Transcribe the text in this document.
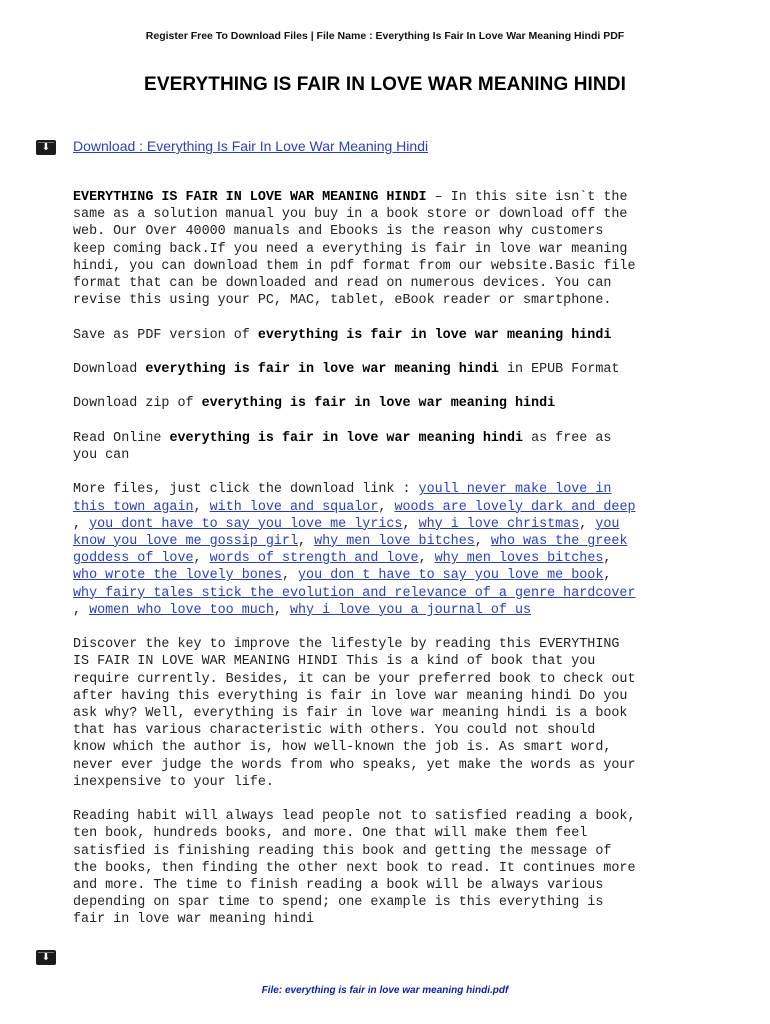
Register Free To Download Files | File Name : Everything Is Fair In Love War Meaning Hindi PDF
EVERYTHING IS FAIR IN LOVE WAR MEANING HINDI
⬇	Download : Everything Is Fair In Love War Meaning Hindi

EVERYTHING IS FAIR IN LOVE WAR MEANING HINDI – In this site isn`t the
same as a solution manual you buy in a book store or download off the
web. Our Over 40000 manuals and Ebooks is the reason why customers
keep coming back.If you need a everything is fair in love war meaning
hindi, you can download them in pdf format from our website.Basic file
format that can be downloaded and read on numerous devices. You can
revise this using your PC, MAC, tablet, eBook reader or smartphone.

Save as PDF version of everything is fair in love war meaning hindi

Download everything is fair in love war meaning hindi in EPUB Format

Download zip of everything is fair in love war meaning hindi

Read Online everything is fair in love war meaning hindi as free as
you can

More files, just click the download link : youll never make love in
this town again, with love and squalor, woods are lovely dark and deep
, you dont have to say you love me lyrics, why i love christmas, you
know you love me gossip girl, why men love bitches, who was the greek
goddess of love, words of strength and love, why men loves bitches,
who wrote the lovely bones, you don t have to say you love me book,
why fairy tales stick the evolution and relevance of a genre hardcover
, women who love too much, why i love you a journal of us

Discover the key to improve the lifestyle by reading this EVERYTHING
IS FAIR IN LOVE WAR MEANING HINDI This is a kind of book that you
require currently. Besides, it can be your preferred book to check out
after having this everything is fair in love war meaning hindi Do you
ask why? Well, everything is fair in love war meaning hindi is a book
that has various characteristic with others. You could not should
know which the author is, how well-known the job is. As smart word,
never ever judge the words from who speaks, yet make the words as your
inexpensive to your life.

Reading habit will always lead people not to satisfied reading a book,
ten book, hundreds books, and more. One that will make them feel
satisfied is finishing reading this book and getting the message of
the books, then finding the other next book to read. It continues more
and more. The time to finish reading a book will be always various
depending on spar time to spend; one example is this everything is
fair in love war meaning hindi

⬇
File: everything is fair in love war meaning hindi.pdf
